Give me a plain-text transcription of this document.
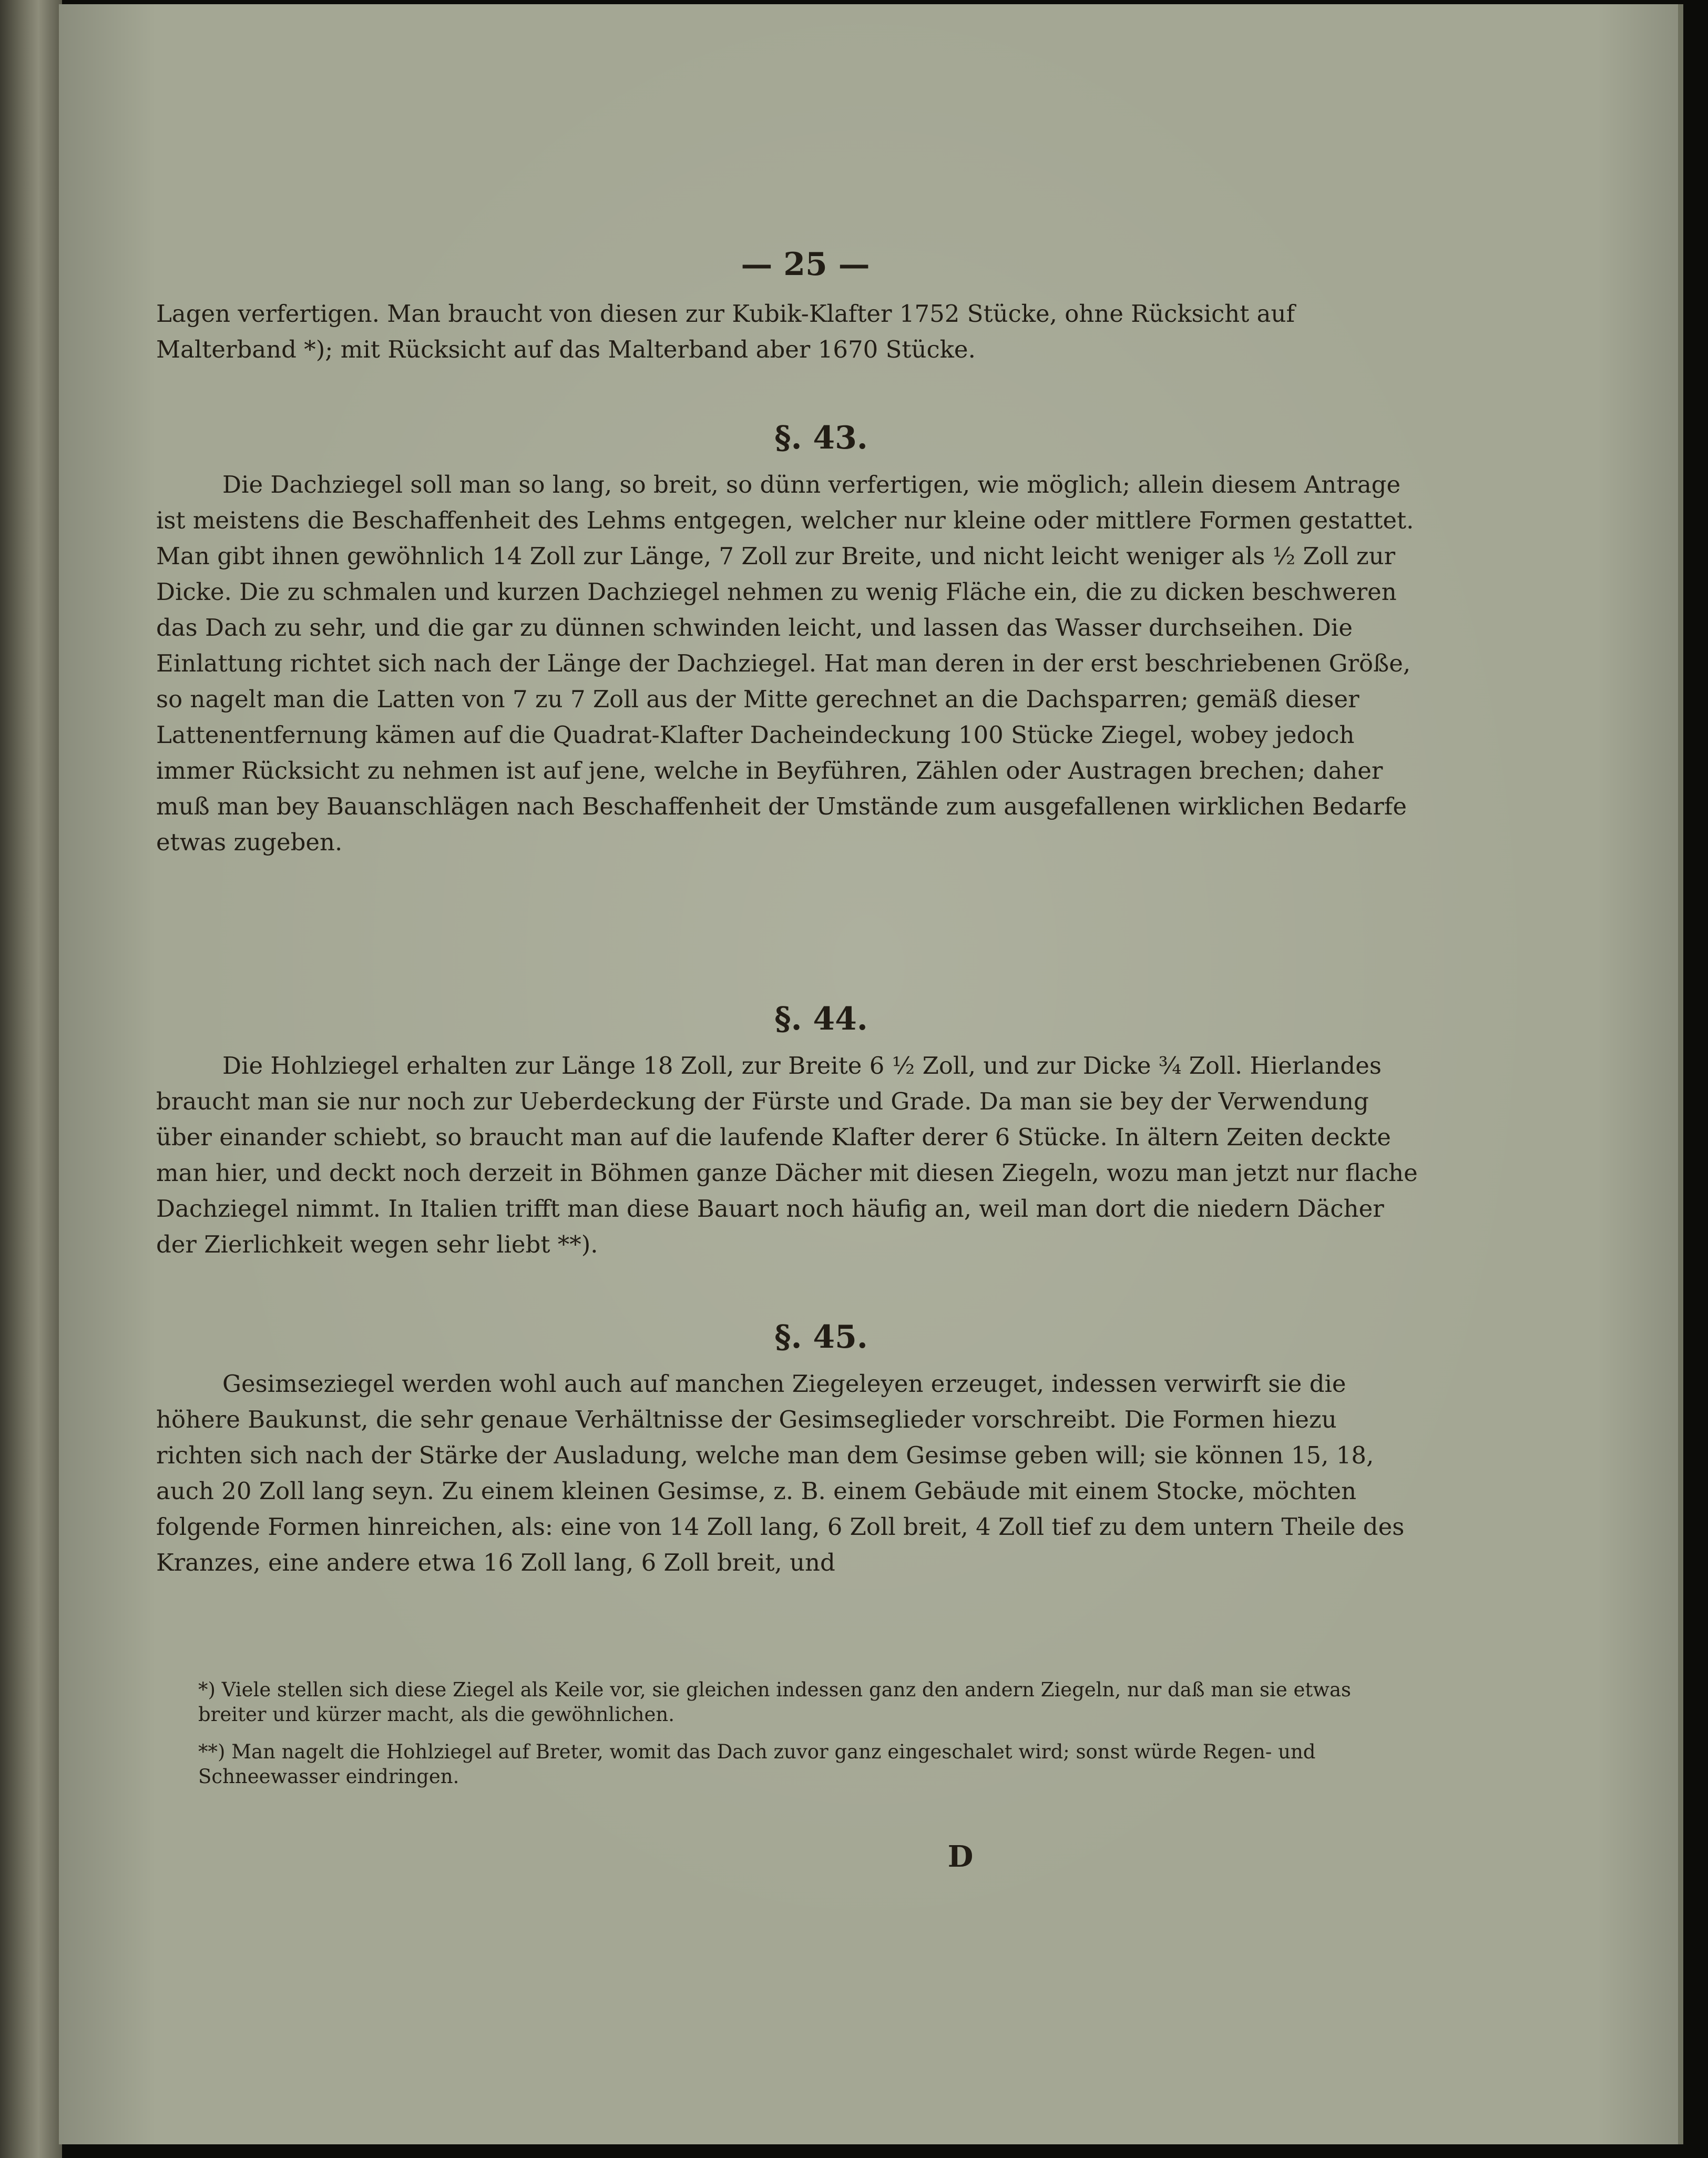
— 25 —
Lagen verfertigen. Man braucht von diesen zur Kubik-Klafter 1752 Stücke, ohne Rücksicht auf Malterband *); mit Rücksicht auf das Malterband aber 1670 Stücke.
§. 43.
Die Dachziegel soll man so lang, so breit, so dünn verfertigen, wie möglich; allein diesem Antrage ist meistens die Beschaffenheit des Lehms entgegen, welcher nur kleine oder mittlere Formen gestattet. Man gibt ihnen gewöhnlich 14 Zoll zur Länge, 7 Zoll zur Breite, und nicht leicht weniger als ½ Zoll zur Dicke. Die zu schmalen und kurzen Dachziegel nehmen zu wenig Fläche ein, die zu dicken beschweren das Dach zu sehr, und die gar zu dünnen schwinden leicht, und lassen das Wasser durchseihen. Die Einlattung richtet sich nach der Länge der Dachziegel. Hat man deren in der erst beschriebenen Größe, so nagelt man die Latten von 7 zu 7 Zoll aus der Mitte gerechnet an die Dachsparren; gemäß dieser Lattenentfernung kämen auf die Quadrat-Klafter Dacheindeckung 100 Stücke Ziegel, wobey jedoch immer Rücksicht zu nehmen ist auf jene, welche in Beyführen, Zählen oder Austragen brechen; daher muß man bey Bauanschlägen nach Beschaffenheit der Umstände zum ausgefallenen wirklichen Bedarfe etwas zugeben.
§. 44.
Die Hohlziegel erhalten zur Länge 18 Zoll, zur Breite 6 ½ Zoll, und zur Dicke ¾ Zoll. Hierlandes braucht man sie nur noch zur Ueberdeckung der Fürste und Grade. Da man sie bey der Verwendung über einander schiebt, so braucht man auf die laufende Klafter derer 6 Stücke. In ältern Zeiten deckte man hier, und deckt noch derzeit in Böhmen ganze Dächer mit diesen Ziegeln, wozu man jetzt nur flache Dachziegel nimmt. In Italien trifft man diese Bauart noch häufig an, weil man dort die niedern Dächer der Zierlichkeit wegen sehr liebt **).
§. 45.
Gesimseziegel werden wohl auch auf manchen Ziegeleyen erzeuget, indessen verwirft sie die höhere Baukunst, die sehr genaue Verhältnisse der Gesimseglieder vorschreibt. Die Formen hiezu richten sich nach der Stärke der Ausladung, welche man dem Gesimse geben will; sie können 15, 18, auch 20 Zoll lang seyn. Zu einem kleinen Gesimse, z. B. einem Gebäude mit einem Stocke, möchten folgende Formen hinreichen, als: eine von 14 Zoll lang, 6 Zoll breit, 4 Zoll tief zu dem untern Theile des Kranzes, eine andere etwa 16 Zoll lang, 6 Zoll breit, und
*) Viele stellen sich diese Ziegel als Keile vor, sie gleichen indessen ganz den andern Ziegeln, nur daß man sie etwas breiter und kürzer macht, als die gewöhnlichen.
**) Man nagelt die Hohlziegel auf Breter, womit das Dach zuvor ganz eingeschalet wird; sonst würde Regen- und Schneewasser eindringen.
D
